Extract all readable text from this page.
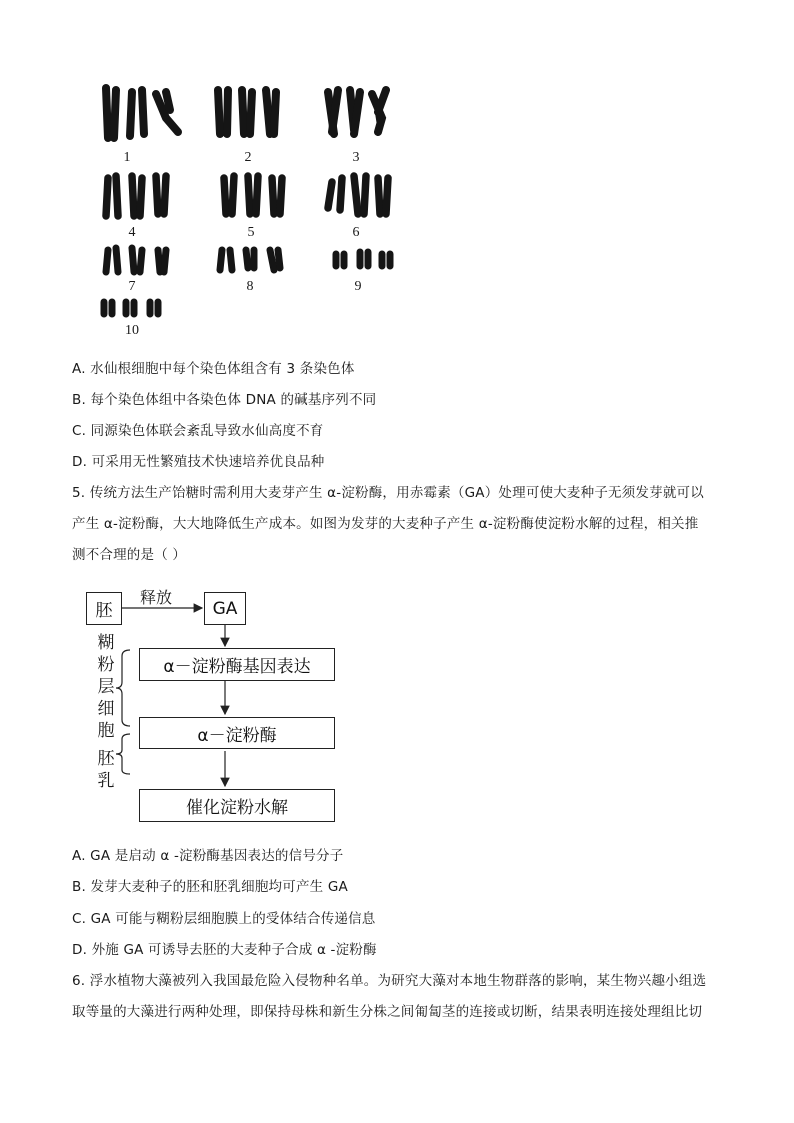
1	2	3
4	5	6
7	8	9
10
A. 水仙根细胞中每个染色体组含有 3 条染色体
B. 每个染色体组中各染色体 DNA 的碱基序列不同
C. 同源染色体联会紊乱导致水仙高度不育
D. 可采用无性繁殖技术快速培养优良品种
5. 传统方法生产饴糖时需利用大麦芽产生 α-淀粉酶，用赤霉素（GA）处理可使大麦种子无须发芽就可以
产生 α-淀粉酶，大大地降低生产成本。如图为发芽的大麦种子产生 α-淀粉酶使淀粉水解的过程，相关推
测不合理的是（ ）
胚
释放
GA
α－淀粉酶基因表达
α－淀粉酶
催化淀粉水解
糊
粉
层
细
胞
胚
乳
A. GA 是启动 α -淀粉酶基因表达的信号分子
B. 发芽大麦种子的胚和胚乳细胞均可产生 GA
C. GA 可能与糊粉层细胞膜上的受体结合传递信息
D. 外施 GA 可诱导去胚的大麦种子合成 α -淀粉酶
6. 浮水植物大藻被列入我国最危险入侵物种名单。为研究大藻对本地生物群落的影响，某生物兴趣小组选
取等量的大藻进行两种处理，即保持母株和新生分株之间匍匐茎的连接或切断，结果表明连接处理组比切
